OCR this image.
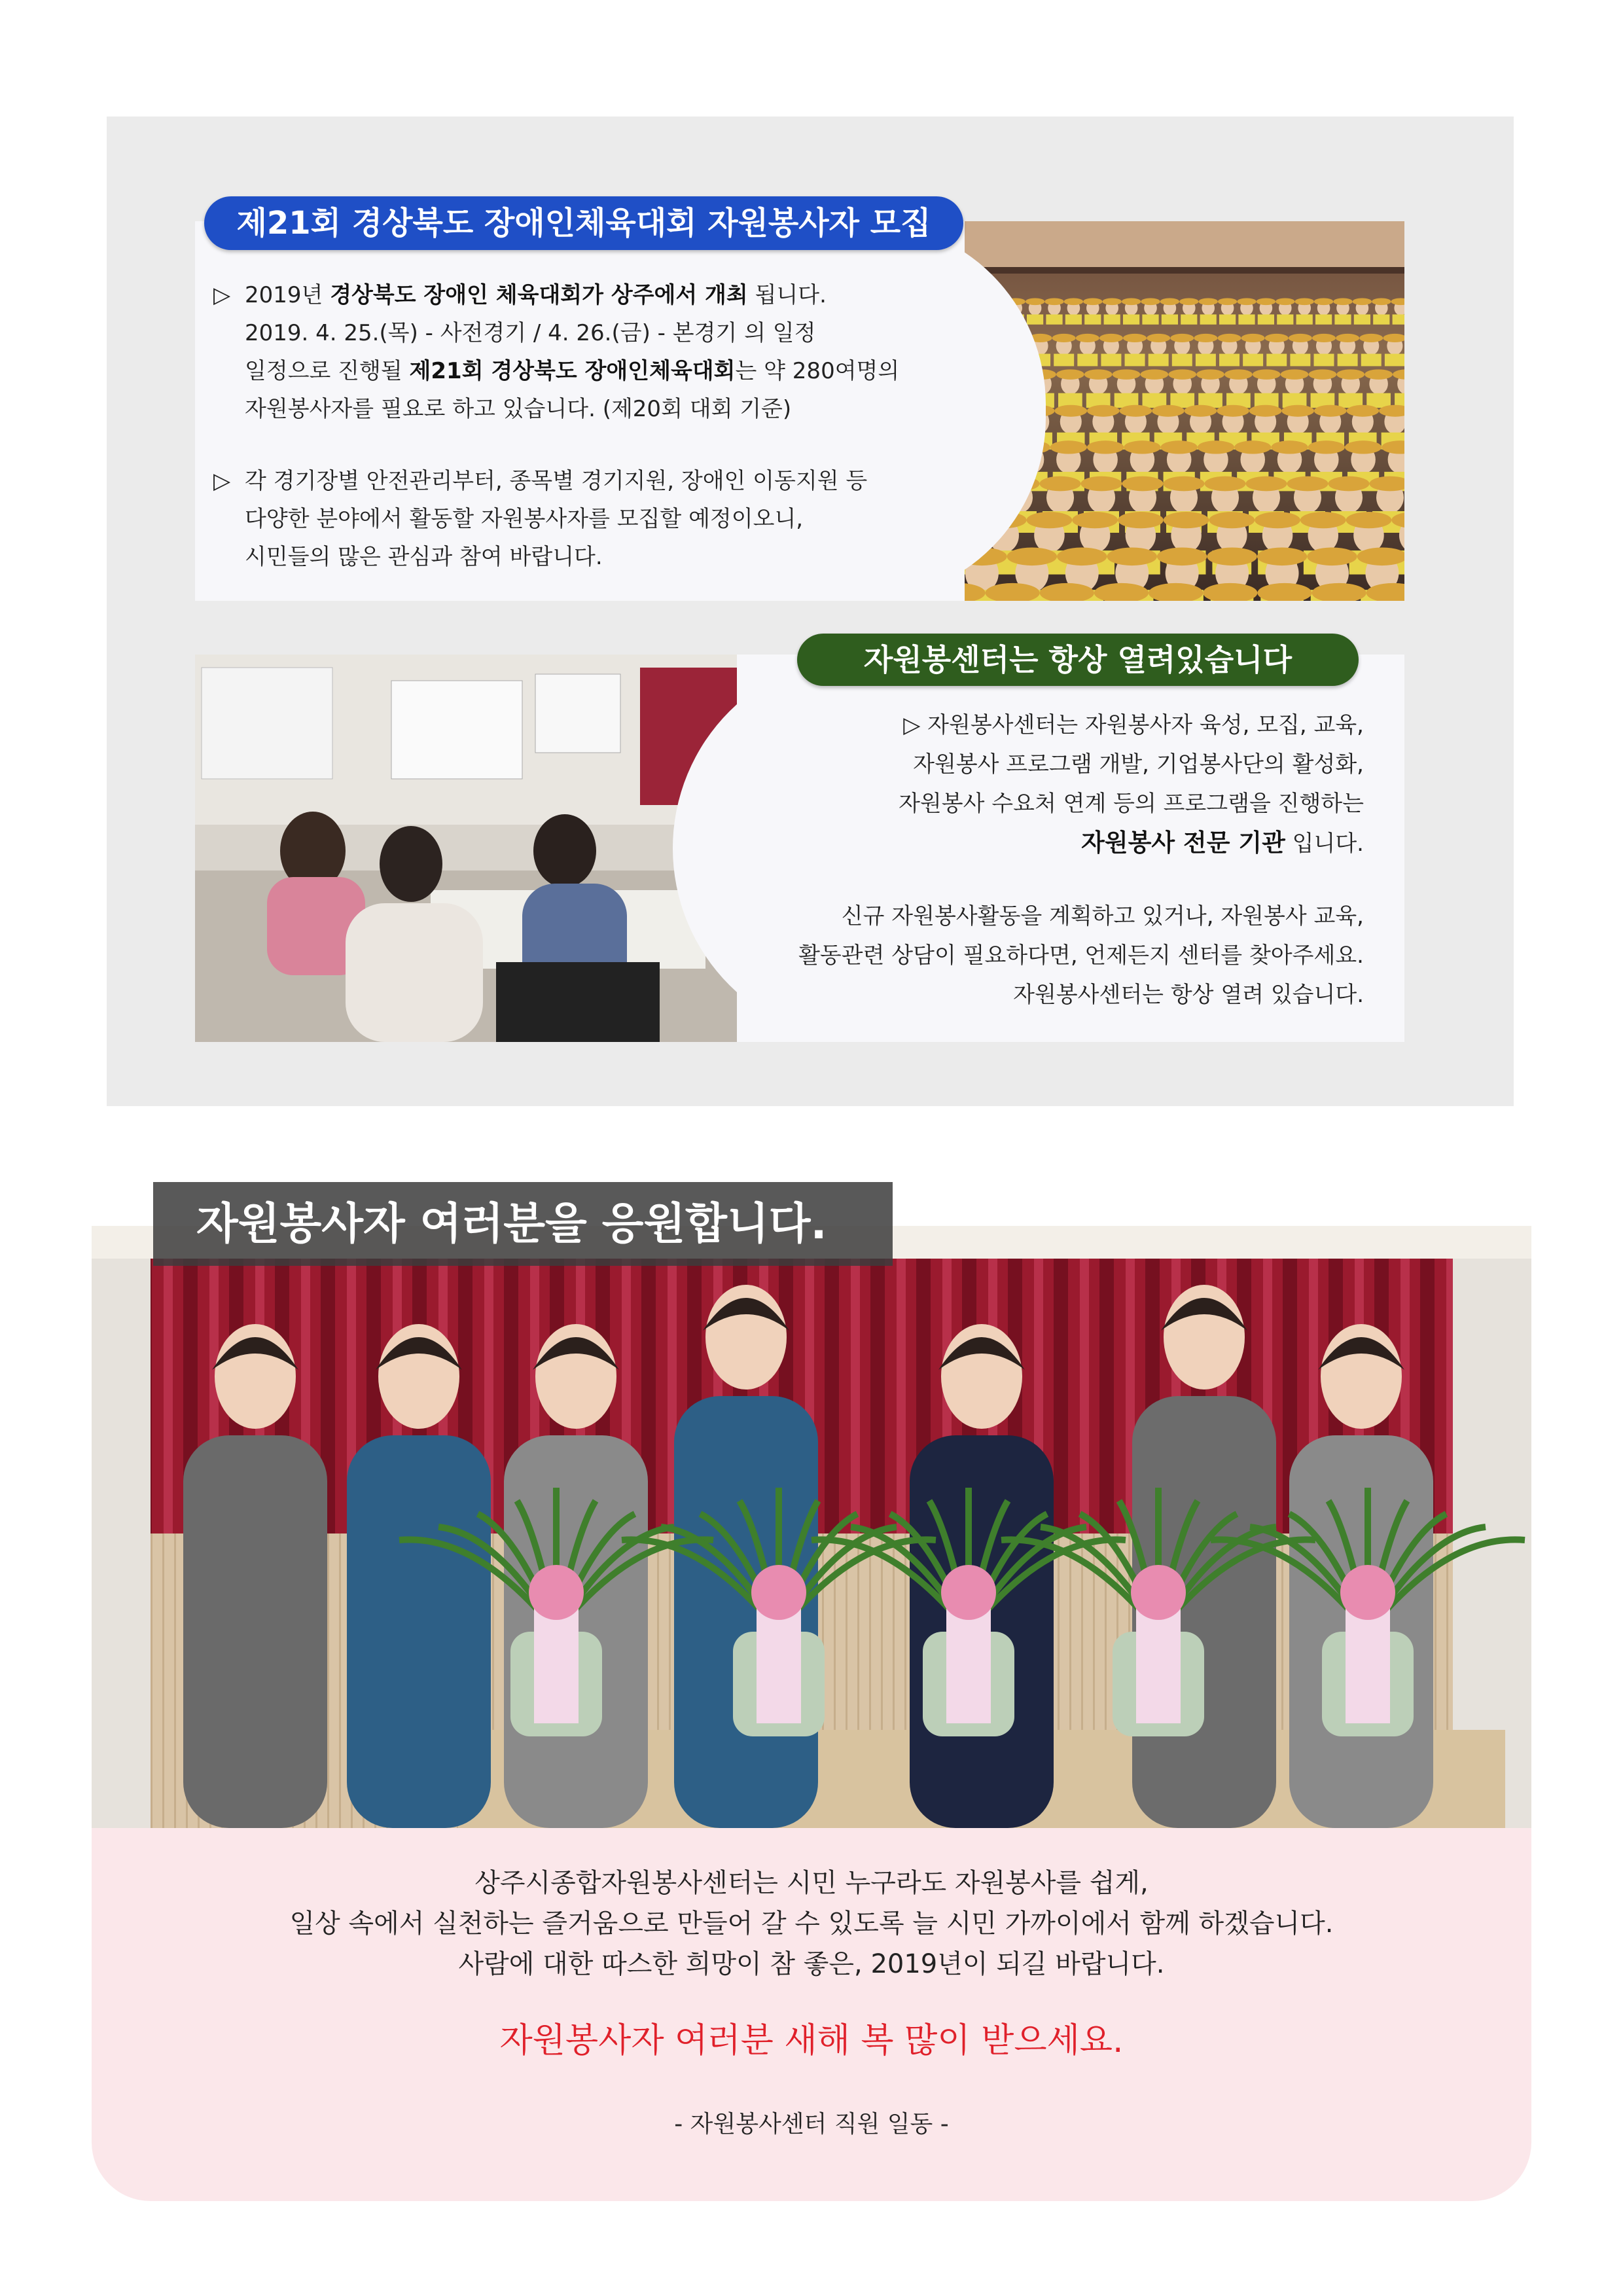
▷ 2019년 경상북도 장애인 체육대회가 상주에서 개최 됩니다.
2019. 4. 25.(목) - 사전경기 / 4. 26.(금) - 본경기 의 일정
일정으로 진행될 제21회 경상북도 장애인체육대회는 약 280여명의
자원봉사자를 필요로 하고 있습니다. (제20회 대회 기준)
▷ 각 경기장별 안전관리부터, 종목별 경기지원, 장애인 이동지원 등
다양한 분야에서 활동할 자원봉사자를 모집할 예정이오니,
시민들의 많은 관심과 참여 바랍니다.
제21회 경상북도 장애인체육대회 자원봉사자 모집
▷ 자원봉사센터는 자원봉사자 육성, 모집, 교육,
자원봉사 프로그램 개발, 기업봉사단의 활성화,
자원봉사 수요처 연계 등의 프로그램을 진행하는
자원봉사 전문 기관 입니다.
신규 자원봉사활동을 계획하고 있거나, 자원봉사 교육,
활동관련 상담이 필요하다면, 언제든지 센터를 찾아주세요.
자원봉사센터는 항상 열려 있습니다.
자원봉센터는 항상 열려있습니다
자원봉사자 여러분을 응원합니다.
상주시종합자원봉사센터는 시민 누구라도 자원봉사를 쉽게,
일상 속에서 실천하는 즐거움으로 만들어 갈 수 있도록 늘 시민 가까이에서 함께 하겠습니다.
사람에 대한 따스한 희망이 참 좋은, 2019년이 되길 바랍니다.
자원봉사자 여러분 새해 복 많이 받으세요.
- 자원봉사센터 직원 일동 -
